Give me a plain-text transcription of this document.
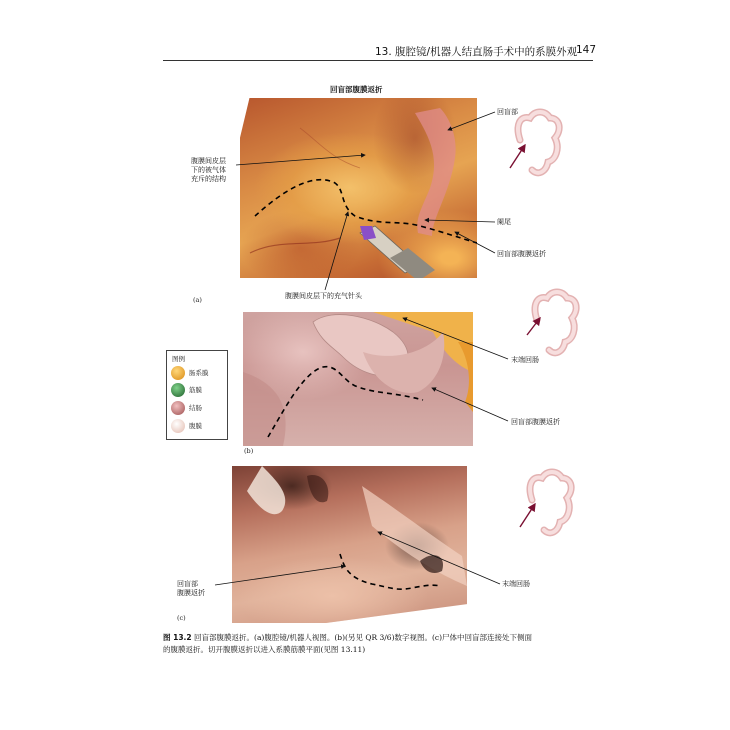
13. 腹腔镜/机器人结直肠手术中的系膜外观
147
回盲部腹膜返折
腹膜间皮层
下的被气体
充斥的结构
回盲部
阑尾
回盲部腹膜返折
腹膜间皮层下的充气针头
(a)
末端回肠
回盲部腹膜返折
(b)
图例
肠系膜
筋膜
结肠
腹膜
回盲部
腹膜返折
末端回肠
(c)
图 13.2 回盲部腹膜返折。(a)腹腔镜/机器人视图。(b)(另见 QR 3/6)数字视图。(c)尸体中回盲部连接处下侧面
的腹膜返折。切开腹膜返折以进入系膜筋膜平面(见图 13.11)
